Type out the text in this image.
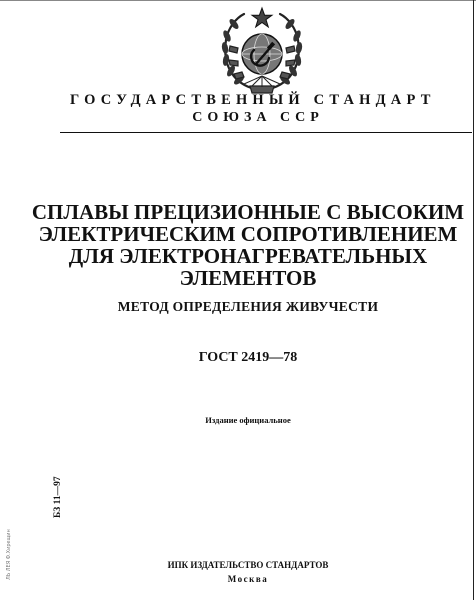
ГОСУДАРСТВЕННЫЙ СТАНДАРТ
СОЮЗА ССР
СПЛАВЫ ПРЕЦИЗИОННЫЕ С ВЫСОКИМ
ЭЛЕКТРИЧЕСКИМ СОПРОТИВЛЕНИЕМ
ДЛЯ ЭЛЕКТРОНАГРЕВАТЕЛЬНЫХ
ЭЛЕМЕНТОВ
МЕТОД ОПРЕДЕЛЕНИЯ ЖИВУЧЕСТИ
ГОСТ 2419—78
Издание официальное
БЗ 11—97
ЛЬ ЛЕЯ Ф.Хирещин	ИПК ИЗДАТЕЛЬСТВО СТАНДАРТОВ
Москва
